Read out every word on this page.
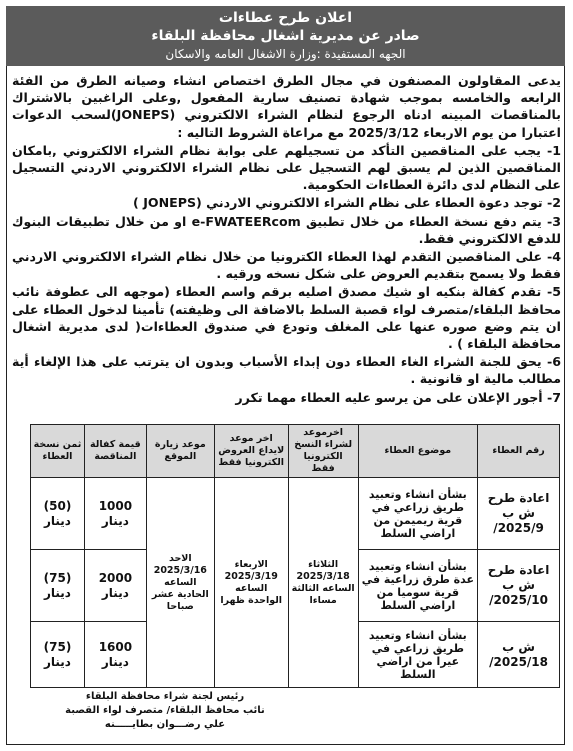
اعلان طرح عطاءات
صادر عن مديرية اشغال محافظة البلقاء
الجهه المستفيدة :وزارة الاشغال العامه والاسكان

يدعى المقاولون المصنفون في مجال الطرق اختصاص انشاء وصيانه الطرق من الفئة الرابعه والخامسه بموجب شهادة تصنيف سارية المفعول ,وعلى الراغبين بالاشتراك بالمناقصات المبينه ادناه الرجوع لنظام الشراء الالكتروني (JONEPS)لسحب الدعوات اعتبارا من يوم الاربعاء 2025/3/12 مع مراعاة الشروط التاليه :

1- يجب على المناقصين التأكد من تسجيلهم على بوابة نظام الشراء الالكتروني ,بامكان المناقصين الذين لم يسبق لهم التسجيل على نظام الشراء الالكتروني الاردني التسجيل على النظام لدى دائرة العطاءات الحكومية.

2- توجد دعوة العطاء على نظام الشراء الالكتروني الاردني (JONEPS )

3- يتم دفع نسخة العطاء من خلال تطبيق e-FWATEERcom او من خلال تطبيقات البنوك للدفع الالكتروني فقط.

4- على المناقصين التقدم لهذا العطاء الكترونيا من خلال نظام الشراء الالكتروني الاردني فقط ولا يسمح بتقديم العروض على شكل نسخه ورقيه .

5- تقدم كفالة بنكيه او شيك مصدق اصليه برقم واسم العطاء (موجهه الى عطوفة نائب محافظ البلقاء/متصرف لواء قصبة السلط بالاضافة الى وظيفته) تأمينا لدخول العطاء على ان يتم وضع صوره عنها على المغلف وتودع في صندوق العطاءات( لدى مديرية اشغال محافظة البلقاء ) .

6- يحق للجنة الشراء الغاء العطاء دون إبداء الأسباب وبدون ان يترتب على هذا الإلغاء أية مطالب مالية او قانونية .

7- أجور الإعلان على من يرسو عليه العطاء مهما تكرر

رقم العطاء	موضوع العطاء	اخرموعد لشراء النسخ الكترونيا فقط	اخر موعد لايداع العروض الكترونيا فقط	موعد زيارة الموقع	قيمة كفالة المناقصة	ثمن نسخة العطاء
اعادة طرح ش ب 2025/9/	بشأن انشاء وتعبيد طريق زراعي في قرية ريميمن من اراضي السلط	الثلاثاء 2025/3/18 الساعه الثالثة مساءا	الاربعاء 2025/3/19 الساعه الواحدة ظهرا	الاحد 2025/3/16 الساعه الحادية عشر صباحا	1000 دينار	(50) دينار
اعادة طرح ش ب 2025/10/	بشأن انشاء وتعبيد عدة طرق زراعية في قرية سوميا من اراضي السلط				2000 دينار	(75) دينار
ش ب 2025/18/	بشأن انشاء وتعبيد طريق زراعي في عيرا من اراضي السلط				1600 دينار	(75) دينار
رئيس لجنة شراء محافظة البلقاء
نائب محافظ البلقاء/ متصرف لواء القصبة
علي رضـــوان بطايـــــنه
